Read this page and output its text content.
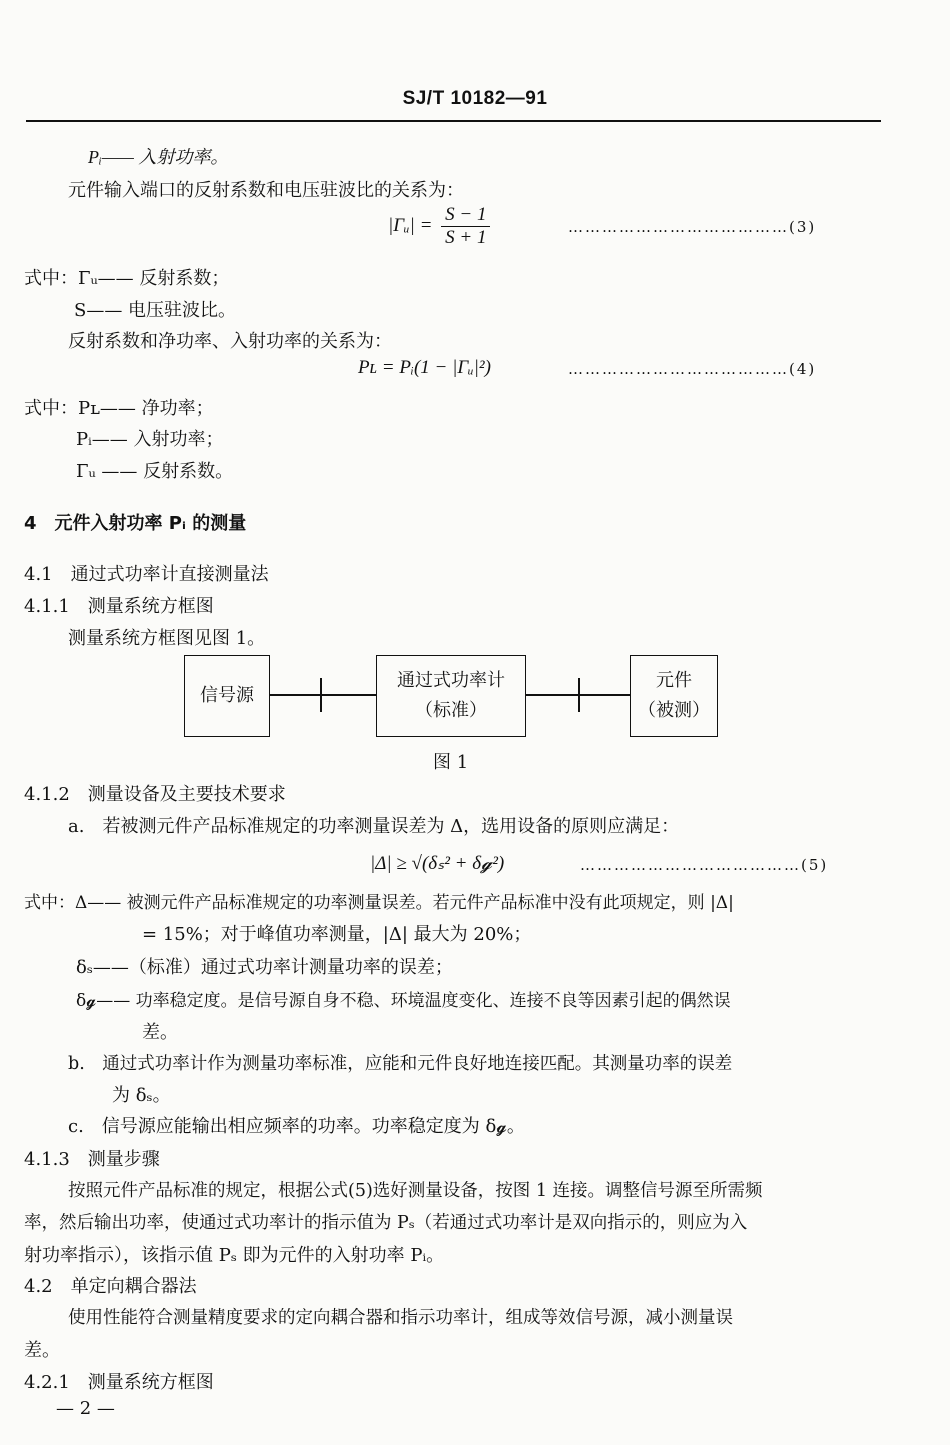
SJ/T 10182—91
Pᵢ—— 入射功率。
元件输入端口的反射系数和电压驻波比的关系为：
|Γᵤ| = $\frac{S - 1}{S + 1}$	…………………………………(3)
式中：Γᵤ—— 反射系数；
S—— 电压驻波比。
反射系数和净功率、入射功率的关系为：
Pʟ = Pᵢ(1 − |Γᵤ|²)	…………………………………(4)
式中：Pʟ—— 净功率；
Pᵢ—— 入射功率；
Γᵤ —— 反射系数。
4　元件入射功率 Pᵢ 的测量
4.1　通过式功率计直接测量法
4.1.1　测量系统方框图
测量系统方框图见图 1。
信号源
通过式功率计
（标准）
元件
（被测）
图 1
4.1.2　测量设备及主要技术要求
a.　若被测元件产品标准规定的功率测量误差为 Δ，选用设备的原则应满足：
|Δ| ≥ √(δₛ² + δ𝓰²)	…………………………………(5)
式中：Δ—— 被测元件产品标准规定的功率测量误差。若元件产品标准中没有此项规定，则 |Δ|
= 15%；对于峰值功率测量，|Δ| 最大为 20%；
δₛ——（标准）通过式功率计测量功率的误差；
δ𝓰—— 功率稳定度。是信号源自身不稳、环境温度变化、连接不良等因素引起的偶然误
差。
b.　通过式功率计作为测量功率标准，应能和元件良好地连接匹配。其测量功率的误差
为 δₛ。
c.　信号源应能输出相应频率的功率。功率稳定度为 δ𝓰。
4.1.3　测量步骤
按照元件产品标准的规定，根据公式(5)选好测量设备，按图 1 连接。调整信号源至所需频
率，然后输出功率，使通过式功率计的指示值为 Pₛ（若通过式功率计是双向指示的，则应为入
射功率指示），该指示值 Pₛ 即为元件的入射功率 Pᵢ。
4.2　单定向耦合器法
使用性能符合测量精度要求的定向耦合器和指示功率计，组成等效信号源，减小测量误
差。
4.2.1　测量系统方框图
— 2 —
